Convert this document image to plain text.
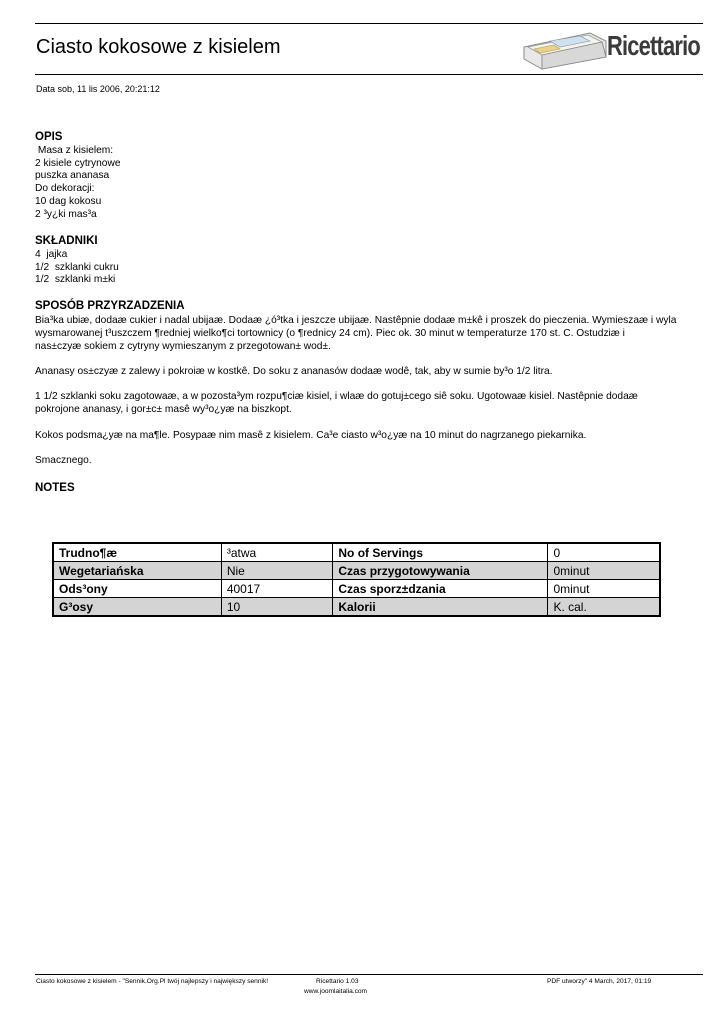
Ciasto kokosowe z kisielem	Ricettario
Data sob, 11 lis 2006, 20:21:12
OPIS
Masa z kisielem:
2 kisiele cytrynowe
puszka ananasa
Do dekoracji:
10 dag kokosu
2 ³y¿ki mas³a
SKŁADNIKI
4  jajka
1/2  szklanki cukru
1/2  szklanki m±ki
SPOSÓB PRZYRZADZENIA
Bia³ka ubiæ, dodaæ cukier i nadal ubijaæ. Dodaæ ¿ó³tka i jeszcze ubijaæ. Nastêpnie dodaæ m±kê i proszek do pieczenia. Wymieszaæ i wyla
wysmarowanej t³uszczem ¶redniej wielko¶ci tortownicy (o ¶rednicy 24 cm). Piec ok. 30 minut w temperaturze 170 st. C. Ostudziæ i
nas±czyæ sokiem z cytryny wymieszanym z przegotowan± wod±.
Ananasy os±czyæ z zalewy i pokroiæ w kostkê. Do soku z ananasów dodaæ wodê, tak, aby w sumie by³o 1/2 litra.
1 1/2 szklanki soku zagotowaæ, a w pozosta³ym rozpu¶ciæ kisiel, i wlaæ do gotuj±cego siê soku. Ugotowaæ kisiel. Nastêpnie dodaæ
pokrojone ananasy, i gor±c± masê wy³o¿yæ na biszkopt.
Kokos podsma¿yæ na ma¶le. Posypaæ nim masê z kisielem. Ca³e ciasto w³o¿yæ na 10 minut do nagrzanego piekarnika.
Smacznego.
NOTES
Trudno¶æ	³atwa	No of Servings	0
Wegetariańska	Nie	Czas przygotowywania	0minut
Ods³ony	40017	Czas sporz±dzania	0minut
G³osy	10	Kalorii	K. cal.
Ciasto kokosowe z kisielem - "Sennik.Org.Pl twój najlepszy i największy sennik!	Ricettario 1.03	PDF utworzy" 4 March, 2017, 01:19
www.joomlaitalia.com
